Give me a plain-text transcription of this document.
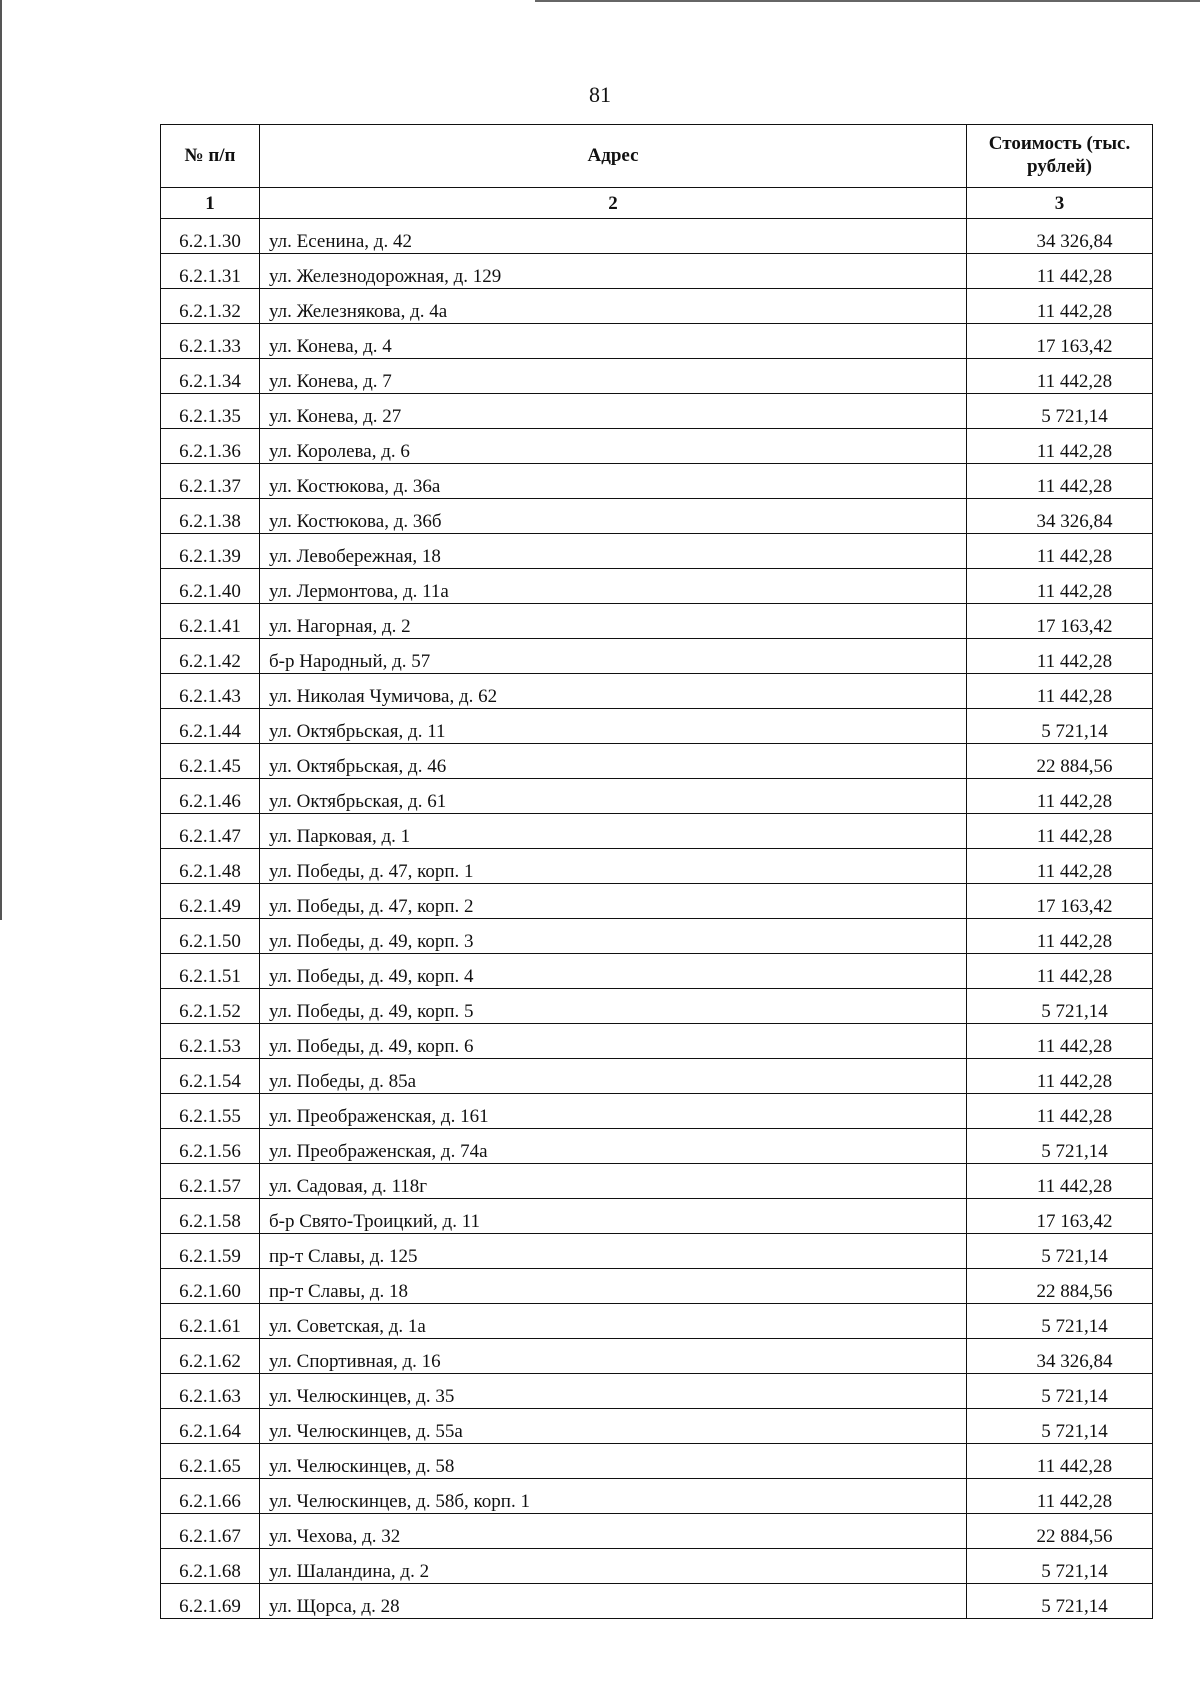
81
№ п/п	Адрес	Стоимость (тыс. рублей)
1	2	3
6.2.1.30	ул. Есенина, д. 42	34 326,84
6.2.1.31	ул. Железнодорожная, д. 129	11 442,28
6.2.1.32	ул. Железнякова, д. 4а	11 442,28
6.2.1.33	ул. Конева, д. 4	17 163,42
6.2.1.34	ул. Конева, д. 7	11 442,28
6.2.1.35	ул. Конева, д. 27	5 721,14
6.2.1.36	ул. Королева, д. 6	11 442,28
6.2.1.37	ул. Костюкова, д. 36а	11 442,28
6.2.1.38	ул. Костюкова, д. 36б	34 326,84
6.2.1.39	ул. Левобережная, 18	11 442,28
6.2.1.40	ул. Лермонтова, д. 11а	11 442,28
6.2.1.41	ул. Нагорная, д. 2	17 163,42
6.2.1.42	б-р Народный, д. 57	11 442,28
6.2.1.43	ул. Николая Чумичова, д. 62	11 442,28
6.2.1.44	ул. Октябрьская, д. 11	5 721,14
6.2.1.45	ул. Октябрьская, д. 46	22 884,56
6.2.1.46	ул. Октябрьская, д. 61	11 442,28
6.2.1.47	ул. Парковая, д. 1	11 442,28
6.2.1.48	ул. Победы, д. 47, корп. 1	11 442,28
6.2.1.49	ул. Победы, д. 47, корп. 2	17 163,42
6.2.1.50	ул. Победы, д. 49, корп. 3	11 442,28
6.2.1.51	ул. Победы, д. 49, корп. 4	11 442,28
6.2.1.52	ул. Победы, д. 49, корп. 5	5 721,14
6.2.1.53	ул. Победы, д. 49, корп. 6	11 442,28
6.2.1.54	ул. Победы, д. 85а	11 442,28
6.2.1.55	ул. Преображенская, д. 161	11 442,28
6.2.1.56	ул. Преображенская, д. 74а	5 721,14
6.2.1.57	ул. Садовая, д. 118г	11 442,28
6.2.1.58	б-р Свято-Троицкий, д. 11	17 163,42
6.2.1.59	пр-т Славы, д. 125	5 721,14
6.2.1.60	пр-т Славы, д. 18	22 884,56
6.2.1.61	ул. Советская, д. 1а	5 721,14
6.2.1.62	ул. Спортивная, д. 16	34 326,84
6.2.1.63	ул. Челюскинцев, д. 35	5 721,14
6.2.1.64	ул. Челюскинцев, д. 55а	5 721,14
6.2.1.65	ул. Челюскинцев, д. 58	11 442,28
6.2.1.66	ул. Челюскинцев, д. 58б, корп. 1	11 442,28
6.2.1.67	ул. Чехова, д. 32	22 884,56
6.2.1.68	ул. Шаландина, д. 2	5 721,14
6.2.1.69	ул. Щорса, д. 28	5 721,14
